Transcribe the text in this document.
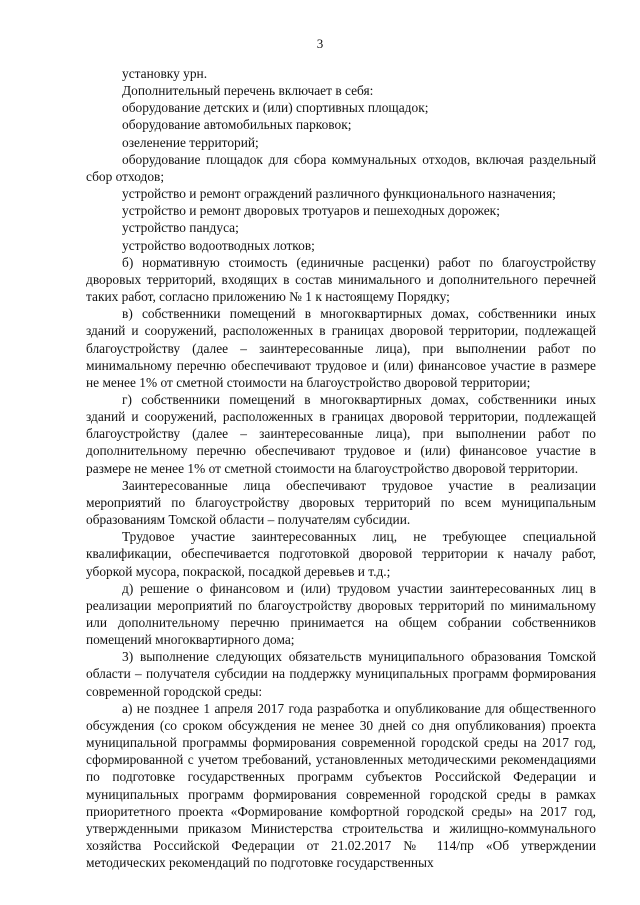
3

установку урн.

Дополнительный перечень включает в себя:

оборудование детских и (или) спортивных площадок;

оборудование автомобильных парковок;

озеленение территорий;

оборудование площадок для сбора коммунальных отходов, включая раздельный сбор отходов;

устройство и ремонт ограждений различного функционального назначения;

устройство и ремонт дворовых тротуаров и пешеходных дорожек;

устройство пандуса;

устройство водоотводных лотков;

б) нормативную стоимость (единичные расценки) работ по благоустройству дворовых территорий, входящих в состав минимального и дополнительного перечней таких работ, согласно приложению № 1 к настоящему Порядку;

в) собственники помещений в многоквартирных домах, собственники иных зданий и сооружений, расположенных в границах дворовой территории, подлежащей благоустройству (далее – заинтересованные лица), при выполнении работ по минимальному перечню обеспечивают трудовое и (или) финансовое участие в размере не менее 1% от сметной стоимости на благоустройство дворовой территории;

г) собственники помещений в многоквартирных домах, собственники иных зданий и сооружений, расположенных в границах дворовой территории, подлежащей благоустройству (далее – заинтересованные лица), при выполнении работ по дополнительному перечню обеспечивают трудовое и (или) финансовое участие в размере не менее 1% от сметной стоимости на благоустройство дворовой территории.

Заинтересованные лица обеспечивают трудовое участие в реализации мероприятий по благоустройству дворовых территорий по всем муниципальным образованиям Томской области – получателям субсидии.

Трудовое участие заинтересованных лиц, не требующее специальной квалификации, обеспечивается подготовкой дворовой территории к началу работ, уборкой мусора, покраской, посадкой деревьев и т.д.;

д) решение о финансовом и (или) трудовом участии заинтересованных лиц в реализации мероприятий по благоустройству дворовых территорий по минимальному или дополнительному перечню принимается на общем собрании собственников помещений многоквартирного дома;

3) выполнение следующих обязательств муниципального образования Томской области – получателя субсидии на поддержку муниципальных программ формирования современной городской среды:

а) не позднее 1 апреля 2017 года разработка и опубликование для общественного обсуждения (со сроком обсуждения не менее 30 дней со дня опубликования) проекта муниципальной программы формирования современной городской среды на 2017 год, сформированной с учетом требований, установленных методическими рекомендациями по подготовке государственных программ субъектов Российской Федерации и муниципальных программ формирования современной городской среды в рамках приоритетного проекта «Формирование комфортной городской среды» на 2017 год, утвержденными приказом Министерства строительства и жилищно-коммунального хозяйства Российской Федерации от 21.02.2017 № 114/пр «Об утверждении методических рекомендаций по подготовке государственных
